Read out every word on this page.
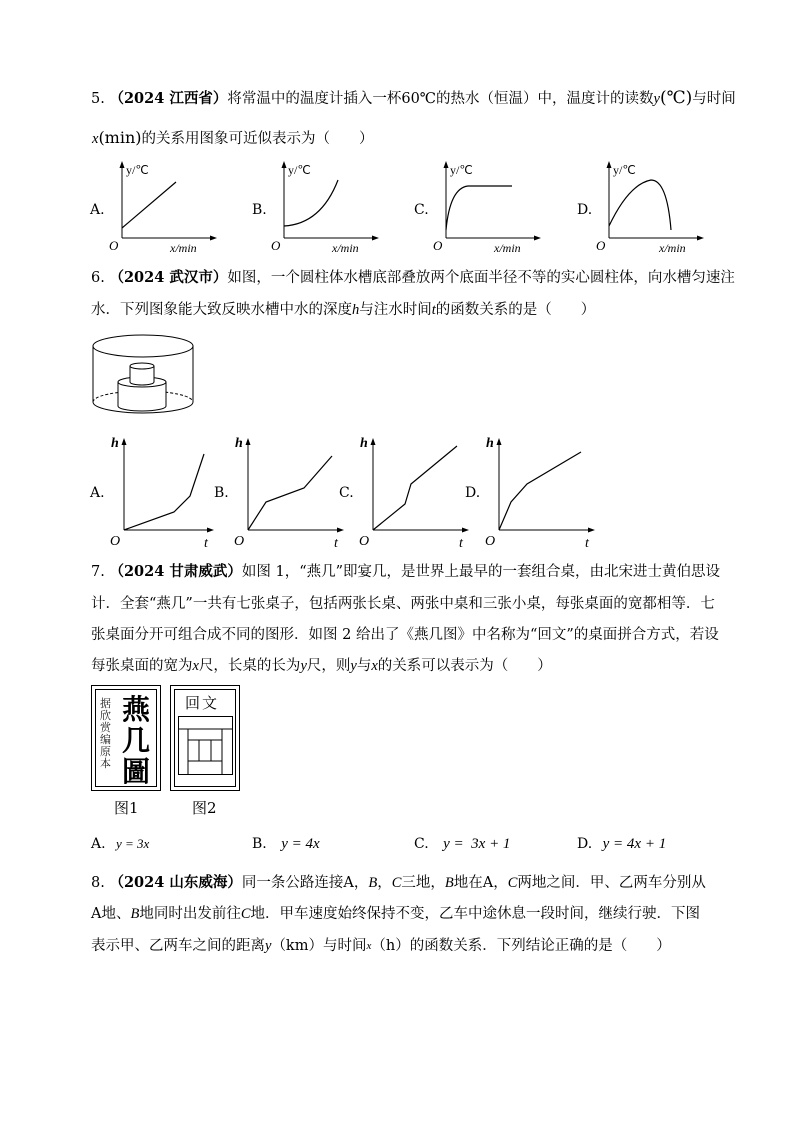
5. （2024 江西省）将常温中的温度计插入一杯60℃的热水（恒温）中，温度计的读数y(℃)与时间
x(min)的关系用图象可近似表示为（　　）
A.
y/℃
x/min
O
B.
y/℃
x/min
O
C.
y/℃
x/min
O
D.
y/℃
x/min
O
6. （2024 武汉市）如图，一个圆柱体水槽底部叠放两个底面半径不等的实心圆柱体，向水槽匀速注
水．下列图象能大致反映水槽中水的深度h与注水时间t的函数关系的是（　　）
A.
h
t
O
B.
h
t
O
C.
h
t
O
D.
h
t
O
7. （2024 甘肃威武）如图 1，“燕几”即宴几，是世界上最早的一套组合桌，由北宋进士黄伯思设
计．全套“燕几”一共有七张桌子，包括两张长桌、两张中桌和三张小桌，每张桌面的宽都相等．七
张桌面分开可组合成不同的图形．如图 2 给出了《燕几图》中名称为“回文”的桌面拼合方式，若设
每张桌面的宽为x尺，长桌的长为y尺，则y与x的关系可以表示为（　　）
据欣赏编原本
燕几圖
图1
回文
图2
A. y = 3x	B. y = 4x	C. y =  3x + 1	D. y = 4x + 1
8. （2024 山东威海）同一条公路连接A，B，C三地，B地在A，C两地之间．甲、乙两车分别从
A地、B地同时出发前往C地．甲车速度始终保持不变，乙车中途休息一段时间，继续行驶．下图
表示甲、乙两车之间的距离y（km）与时间$^x$（h）的函数关系．下列结论正确的是（　　）
